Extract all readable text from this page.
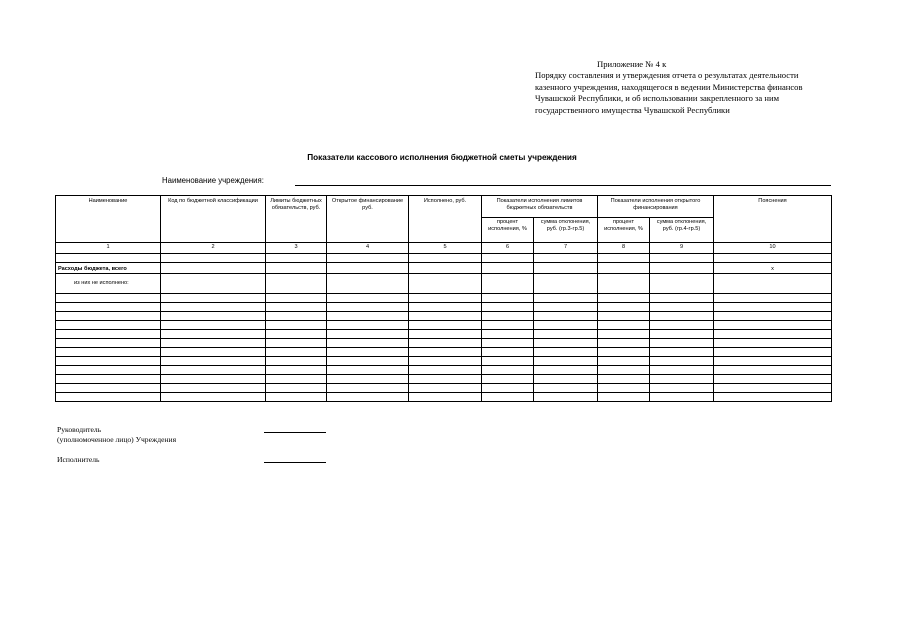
Приложение № 4 к
Порядку составления и утверждения отчета о результатах деятельности
казенного учреждения, находящегося в ведении Министерства финансов
Чувашской Республики, и об использовании закрепленного за ним
государственного имущества Чувашской Республики
Показатели кассового исполнения бюджетной сметы учреждения
Наименование учреждения:
Наименование	Код по бюджетной классификации	Лимиты бюджетных обязательств, руб.	Открытое финансирование руб.	Исполнено, руб.	Показатели исполнения лимитов бюджетных обязательств		Показатели исполнения открытого финансирования		Пояснения
					процент исполнения, %	сумма отклонения, руб. (гр.3-гр.5)	процент исполнения, %	сумма отклонения, руб. (гр.4-гр.5)	
1	2	3	4	5	6	7	8	9	10

Расходы бюджета, всего									x
из них не исполнено:									

Руководитель
(уполномоченное лицо) Учреждения
Исполнитель
